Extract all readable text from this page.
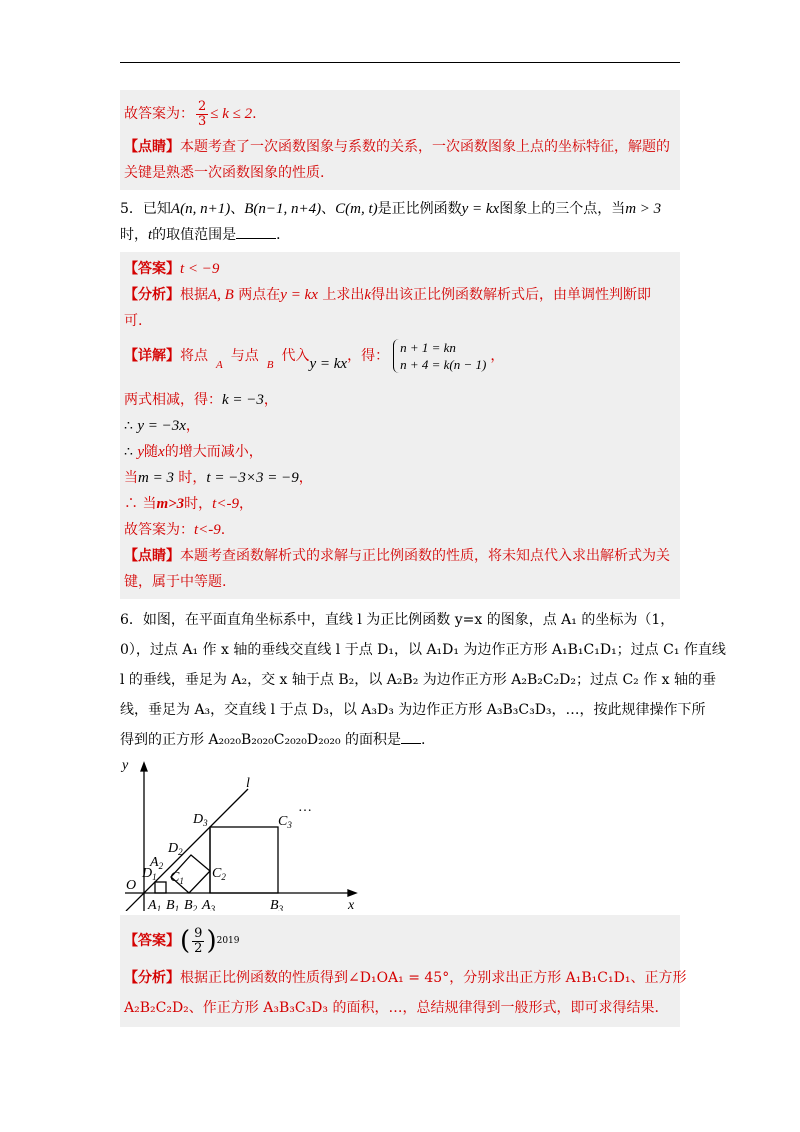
故答案为： $\frac{2}{3} \le k \le 2$.
【点睛】本题考查了一次函数图象与系数的关系，一次函数图象上点的坐标特征，解题的
关键是熟悉一次函数图象的性质.
5．已知A(n, n+1)、B(n−1, n+4)、C(m, t)是正比例函数y = kx图象上的三个点，当m > 3
时，t的取值范围是	．
【答案】t < −9
【分析】根据A, B 两点在y = kx 上求出k得出该正比例函数解析式后，由单调性判断即
可.
【详解】将点$_A$与点$_B$代入y = kx，得：
n + 1 = kn
n + 4 = k(n − 1)
，
两式相减，得：k = −3，
∴ y = −3x，
∴ y随x的增大而减小，
当m = 3 时，t = −3×3 = −9，
∴ 当m>3时，t<-9，
故答案为：t<-9.
【点睛】本题考查函数解析式的求解与正比例函数的性质，将未知点代入求出解析式为关
键，属于中等题.
6．如图，在平面直角坐标系中，直线 l 为正比例函数 y=x 的图象，点 A₁ 的坐标为（1，
0），过点 A₁ 作 x 轴的垂线交直线 l 于点 D₁，以 A₁D₁ 为边作正方形 A₁B₁C₁D₁；过点 C₁ 作直线
l 的垂线，垂足为 A₂，交 x 轴于点 B₂，以 A₂B₂ 为边作正方形 A₂B₂C₂D₂；过点 C₂ 作 x 轴的垂
线，垂足为 A₃，交直线 l 于点 D₃，以 A₃D₃ 为边作正方形 A₃B₃C₃D₃，…，按此规律操作下所
得到的正方形 A₂₀₂₀B₂₀₂₀C₂₀₂₀D₂₀₂₀ 的面积是 .
y
x
O
l
…
$D_1$
$D_2$
$D_3$
$A_2$
$C_1$ $C_2$
$C_3$
$A_1$ $B_1$ $B_2$ $A_3$	$B_3$
【答案】( $\frac{9}{2} )^{2019}$
【分析】根据正比例函数的性质得到∠D₁OA₁ = 45°，分别求出正方形 A₁B₁C₁D₁、正方形
A₂B₂C₂D₂、作正方形 A₃B₃C₃D₃ 的面积，…，总结规律得到一般形式，即可求得结果.
